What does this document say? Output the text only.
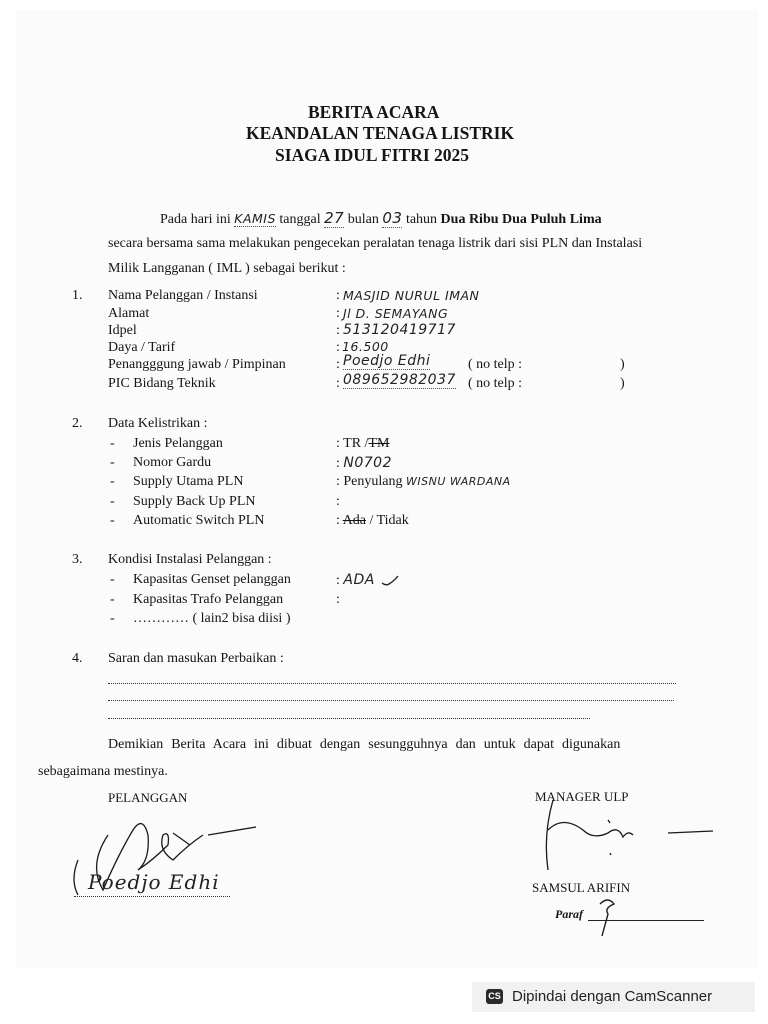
BERITA ACARA
KEANDALAN TENAGA LISTRIK
SIAGA IDUL FITRI 2025
Pada hari ini KAMIS tanggal 27 bulan 03 tahun Dua Ribu Dua Puluh Lima
secara bersama sama melakukan pengecekan peralatan tenaga listrik dari sisi PLN dan Instalasi
Milik Langganan ( IML ) sebagai berikut :
1. Nama Pelanggan / Instansi	: MASJID NURUL IMAN
Alamat	: Jl D. SEMAYANG
Idpel	: 513120419717
Daya / Tarif	: 16.500
Penangggung jawab / Pimpinan	: Poedjo Edhi	( no telp :	)
PIC Bidang Teknik	: 089652982037 ( no telp :	)
2. Data Kelistrikan :
- Jenis Pelanggan	: TR /TM
- Nomor Gardu	: N0702
- Supply Utama PLN	: Penyulang WISNU WARDANA
- Supply Back Up PLN	:
- Automatic Switch PLN	: Ada / Tidak
3. Kondisi Instalasi Pelanggan :
- Kapasitas Genset pelanggan	: ADA
- Kapasitas Trafo Pelanggan	:
- ………… ( lain2 bisa diisi )
4. Saran dan masukan Perbaikan :
Demikian Berita Acara ini dibuat dengan sesungguhnya dan untuk dapat digunakan
sebagaimana mestinya.
PELANGGAN	MANAGER ULP
Poedjo Edhi	SAMSUL ARIFIN
Paraf
CS Dipindai dengan CamScanner
